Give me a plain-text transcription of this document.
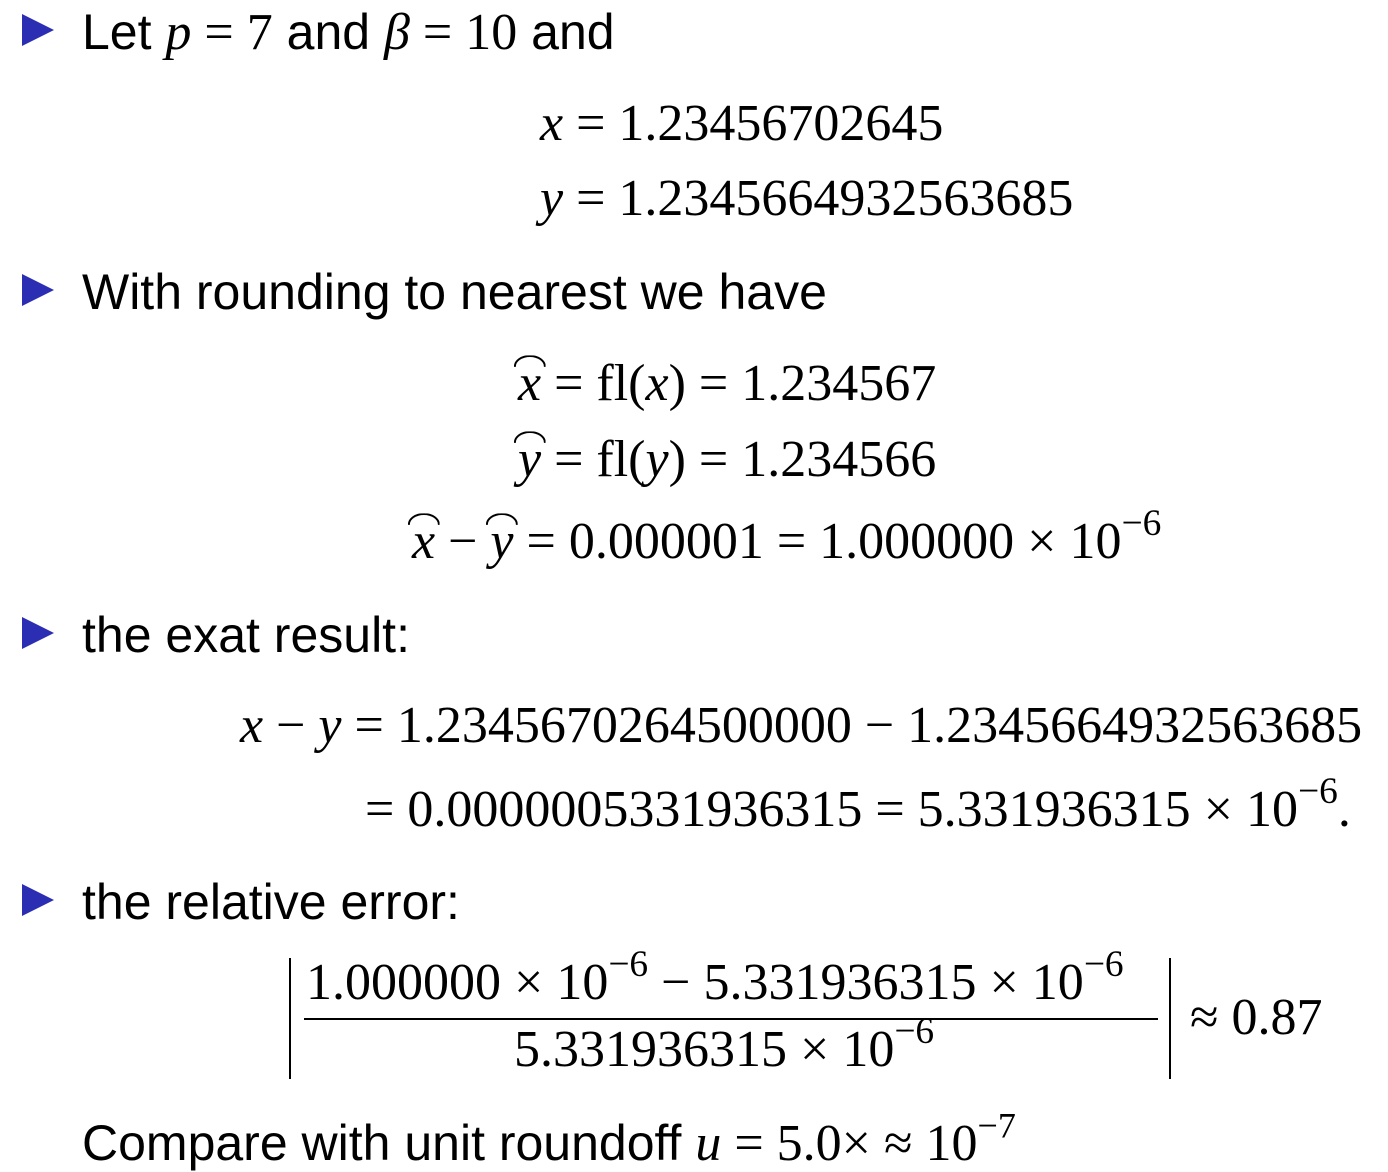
Let p = 7 and β = 10 and
x = 1.23456702645
y = 1.2345664932563685
With rounding to nearest we have
x = fl(x) = 1.234567
y = fl(y) = 1.234566
$x - y = 0.000001 = 1.000000 \times 10^{-6}$
the exat result:
x − y = 1.2345670264500000 − 1.2345664932563685
= $0.0000005331936315 = 5.331936315 \times 10^{-6}$.
the relative error:
$1.000000 \times 10^{-6} - 5.331936315 \times 10^{-6}$
$5.331936315 \times 10^{-6}$	≈ 0.87
Compare with unit roundoff $u = 5.0\times \approx 10^{-7}$
